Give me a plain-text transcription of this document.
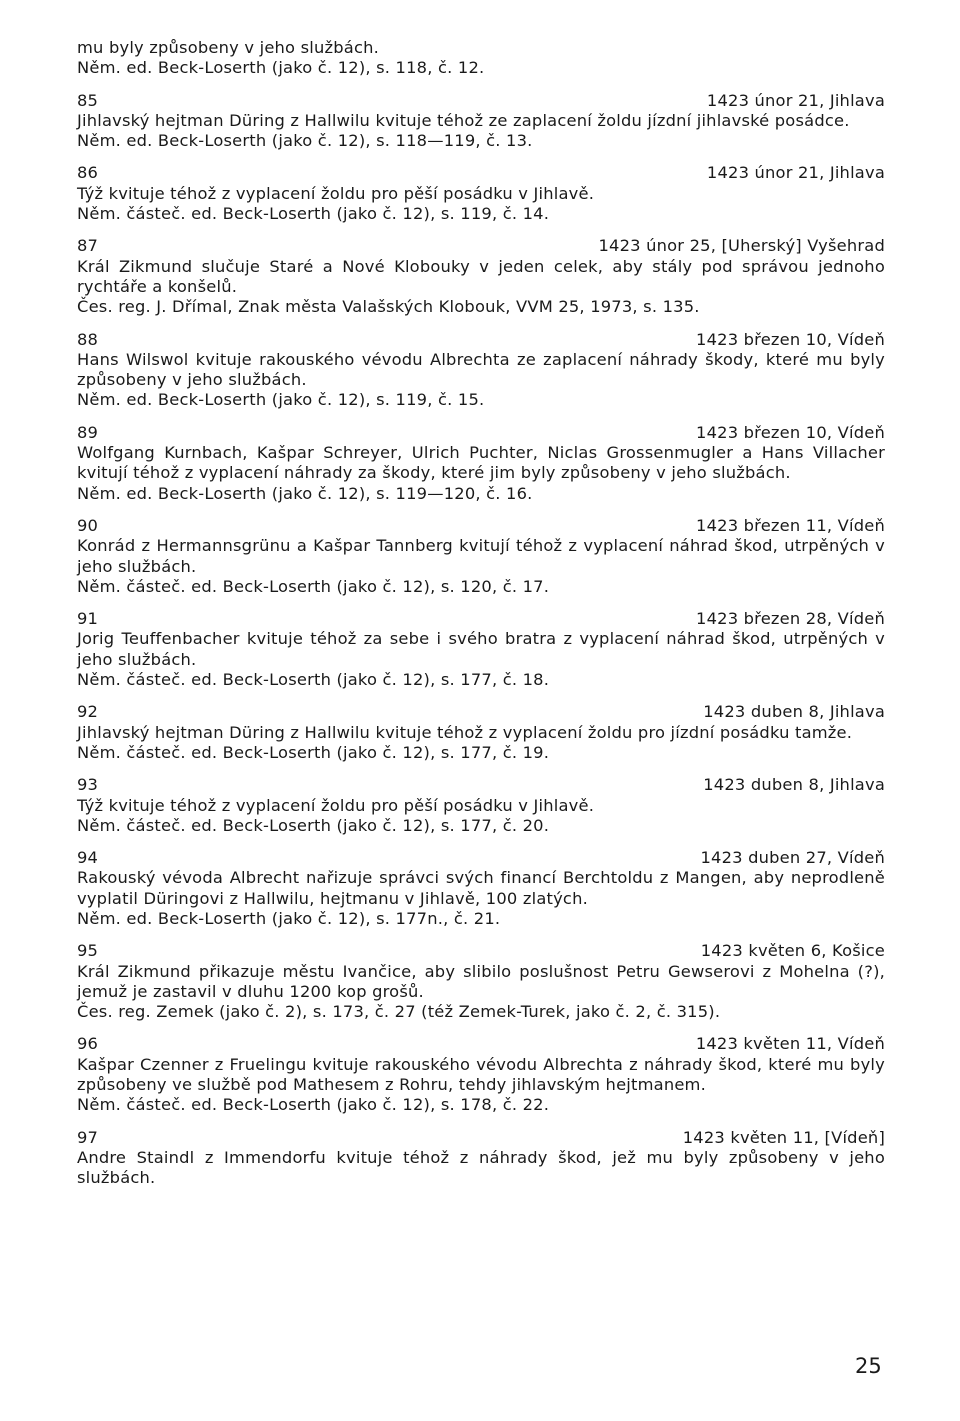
mu byly způsobeny v jeho službách.

Něm. ed. Beck-Loserth (jako č. 12), s. 118, č. 12.

85	1423 únor 21, Jihlava

Jihlavský hejtman Düring z Hallwilu kvituje téhož ze zaplacení žoldu jízdní jihlavské posádce.

Něm. ed. Beck-Loserth (jako č. 12), s. 118—119, č. 13.

86	1423 únor 21, Jihlava

Týž kvituje téhož z vyplacení žoldu pro pěší posádku v Jihlavě.

Něm. částeč. ed. Beck-Loserth (jako č. 12), s. 119, č. 14.

87	1423 únor 25, [Uherský] Vyšehrad

Král Zikmund slučuje Staré a Nové Klobouky v jeden celek, aby stály pod správou jednoho rychtáře a konšelů.

Čes. reg. J. Dřímal, Znak města Valašských Klobouk, VVM 25, 1973, s. 135.

88	1423 březen 10, Vídeň

Hans Wilswol kvituje rakouského vévodu Albrechta ze zaplacení náhrady škody, které mu byly způsobeny v jeho službách.

Něm. ed. Beck-Loserth (jako č. 12), s. 119, č. 15.

89	1423 březen 10, Vídeň

Wolfgang Kurnbach, Kašpar Schreyer, Ulrich Puchter, Niclas Grossenmugler a Hans Villacher kvitují téhož z vyplacení náhrady za škody, které jim byly způsobeny v jeho službách.

Něm. ed. Beck-Loserth (jako č. 12), s. 119—120, č. 16.

90	1423 březen 11, Vídeň

Konrád z Hermannsgrünu a Kašpar Tannberg kvitují téhož z vyplacení náhrad škod, utrpěných v jeho službách.

Něm. částeč. ed. Beck-Loserth (jako č. 12), s. 120, č. 17.

91	1423 březen 28, Vídeň

Jorig Teuffenbacher kvituje téhož za sebe i svého bratra z vyplacení náhrad škod, utrpěných v jeho službách.

Něm. částeč. ed. Beck-Loserth (jako č. 12), s. 177, č. 18.

92	1423 duben 8, Jihlava

Jihlavský hejtman Düring z Hallwilu kvituje téhož z vyplacení žoldu pro jízdní posádku tamže.

Něm. částeč. ed. Beck-Loserth (jako č. 12), s. 177, č. 19.

93	1423 duben 8, Jihlava

Týž kvituje téhož z vyplacení žoldu pro pěší posádku v Jihlavě.

Něm. částeč. ed. Beck-Loserth (jako č. 12), s. 177, č. 20.

94	1423 duben 27, Vídeň

Rakouský vévoda Albrecht nařizuje správci svých financí Berchtoldu z Mangen, aby neprodleně vyplatil Düringovi z Hallwilu, hejtmanu v Jihlavě, 100 zlatých.

Něm. ed. Beck-Loserth (jako č. 12), s. 177n., č. 21.

95	1423 květen 6, Košice

Král Zikmund přikazuje městu Ivančice, aby slibilo poslušnost Petru Gewserovi z Mohelna (?), jemuž je zastavil v dluhu 1200 kop grošů.

Čes. reg. Zemek (jako č. 2), s. 173, č. 27 (též Zemek-Turek, jako č. 2, č. 315).

96	1423 květen 11, Vídeň

Kašpar Czenner z Fruelingu kvituje rakouského vévodu Albrechta z náhrady škod, které mu byly způsobeny ve službě pod Mathesem z Rohru, tehdy jihlavským hejtmanem.

Něm. částeč. ed. Beck-Loserth (jako č. 12), s. 178, č. 22.

97	1423 květen 11, [Vídeň]

Andre Staindl z Immendorfu kvituje téhož z náhrady škod, jež mu byly způsobeny v jeho službách.

25
